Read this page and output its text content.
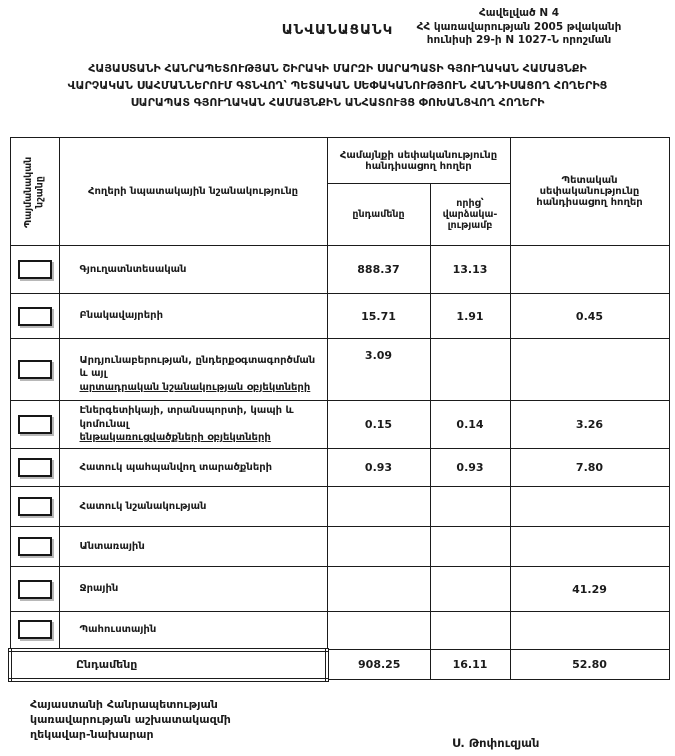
ԱՆՎԱՆԱՑԱՆԿ
Հավելված N 4
ՀՀ կառավարության 2005 թվականի
հունիսի 29-ի N 1027-Ն որոշման
ՀԱՅԱՍՏԱՆԻ ՀԱՆՐԱՊԵՏՈՒԹՅԱՆ ՇԻՐԱԿԻ ՄԱՐԶԻ ՍԱՐԱՊԱՏԻ ԳՅՈՒՂԱԿԱՆ ՀԱՄԱՅՆՔԻ
ՎԱՐՉԱԿԱՆ ՍԱՀՄԱՆՆԵՐՈՒՄ ԳՏՆՎՈՂ՝ ՊԵՏԱԿԱՆ ՍԵՓԱԿԱՆՈՒԹՅՈՒՆ ՀԱՆԴԻՍԱՑՈՂ ՀՈՂԵՐԻՑ
ՍԱՐԱՊԱՏ ԳՅՈՒՂԱԿԱՆ ՀԱՄԱՅՆՔԻՆ ԱՆՀԱՏՈՒՅՑ ՓՈԽԱՆՑՎՈՂ ՀՈՂԵՐԻ
Պայմանական նշանը	Հողերի նպատակային նշանակությունը	Համայնքի սեփականությունը հանդիսացող հողեր		Պետական սեփականությունը հանդիսացող հողեր
		ընդամենը	որից՝ վարձակա-լությամբ	

	Գյուղատնտեսական	888.37	13.13	

	Բնակավայրերի	15.71	1.91	0.45

	Արդյունաբերության, ընդերքօգտագործման և այլ
արտադրական նշանակության օբյեկտների	3.09		

	Էներգետիկայի, տրանսպորտի, կապի և կոմունալ
ենթակառուցվածքների օբյեկտների	0.15	0.14	3.26

	Հատուկ պահպանվող տարածքների	0.93	0.93	7.80

	Հատուկ նշանակության			

	Անտառային			

	Ջրային			41.29

	Պահուստային			
Ընդամենը		908.25	16.11	52.80
Հայաստանի Հանրապետության
կառավարության աշխատակազմի
ղեկավար-նախարար
Ս. Թոփուզյան
